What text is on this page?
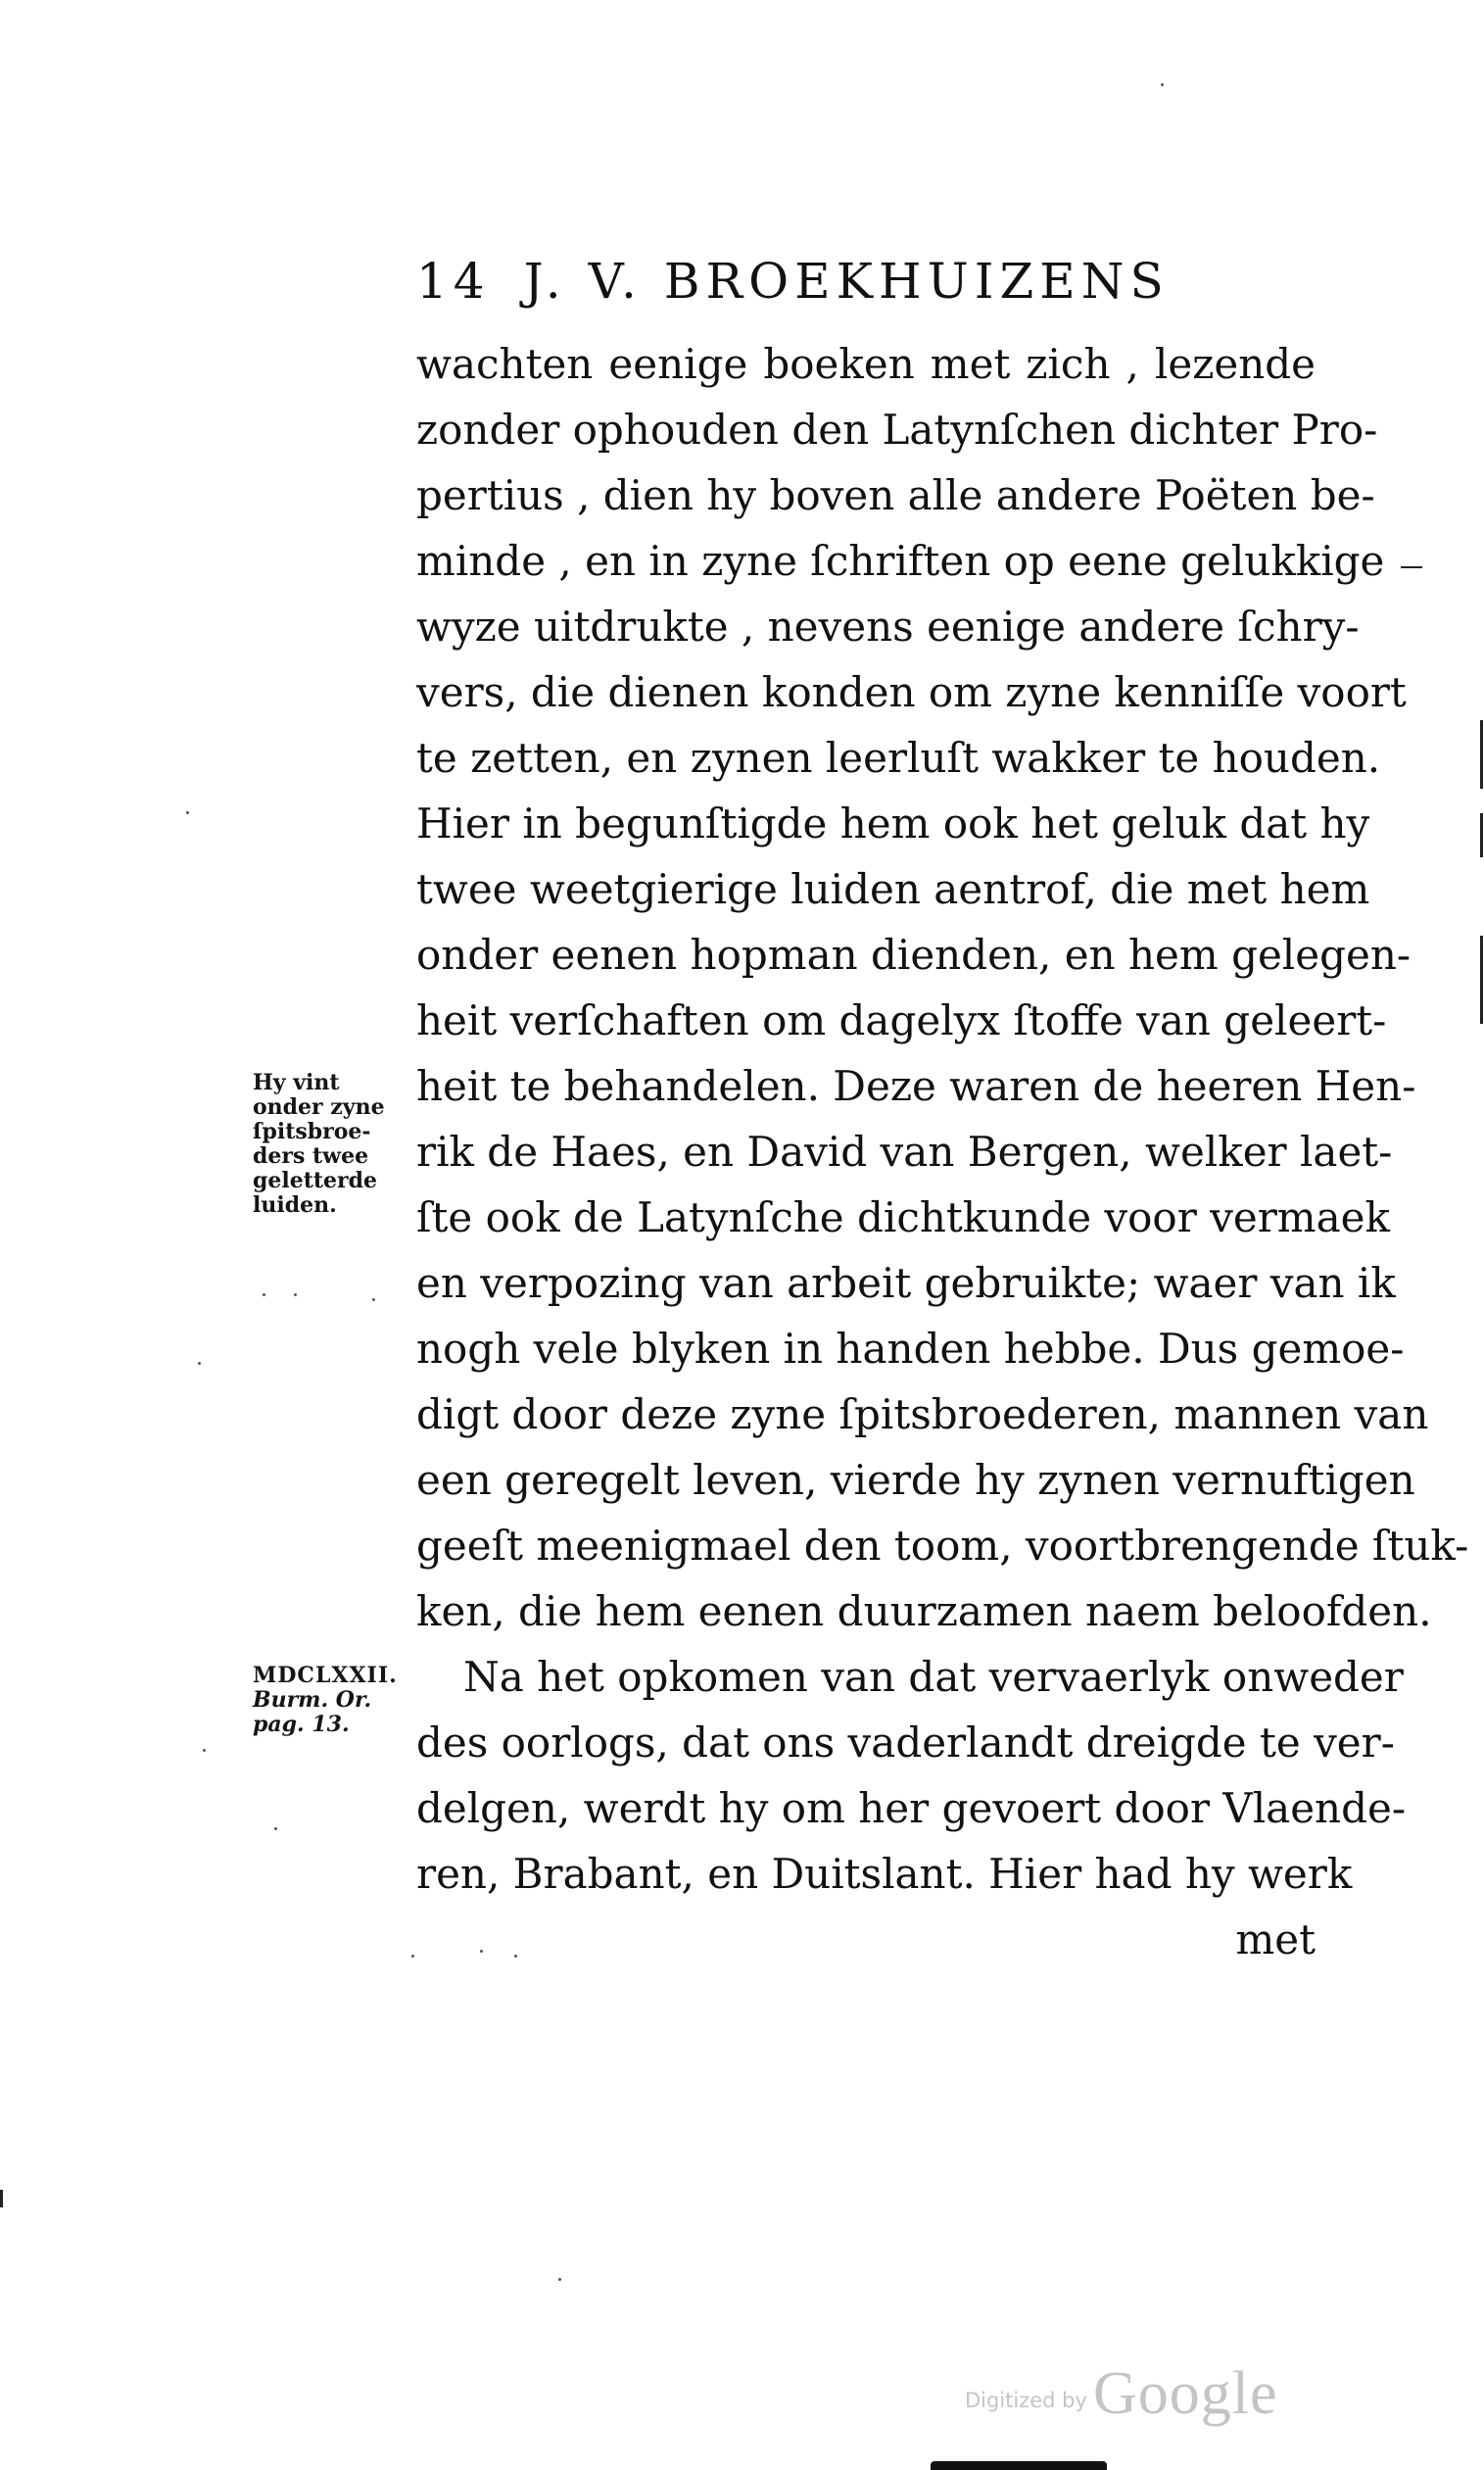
14 J. V. BROEKHUIZENS
wachten eenige boeken met zich , lezende
zonder ophouden den Latynſchen dichter Pro-
pertius , dien hy boven alle andere Poëten be-
minde , en in zyne ſchriften op eene gelukkige
wyze uitdrukte , nevens eenige andere ſchry-
vers, die dienen konden om zyne kenniſſe voort
te zetten, en zynen leerluſt wakker te houden.
Hier in begunſtigde hem ook het geluk dat hy
twee weetgierige luiden aentrof, die met hem
onder eenen hopman dienden, en hem gelegen-
heit verſchaften om dagelyx ſtoffe van geleert-
heit te behandelen. Deze waren de heeren Hen-
rik de Haes, en David van Bergen, welker laet-
ſte ook de Latynſche dichtkunde voor vermaek
en verpozing van arbeit gebruikte; waer van ik
nogh vele blyken in handen hebbe. Dus gemoe-
digt door deze zyne ſpitsbroederen, mannen van
een geregelt leven, vierde hy zynen vernuftigen
geeſt meenigmael den toom, voortbrengende ſtuk-
ken, die hem eenen duurzamen naem beloofden.
Na het opkomen van dat vervaerlyk onweder
des oorlogs, dat ons vaderlandt dreigde te ver-
delgen, werdt hy om her gevoert door Vlaende-
ren, Brabant, en Duitslant. Hier had hy werk
met
Hy vint
onder zyne
ſpitsbroe-
ders twee
geletterde
luiden.
MDCLXXII.
Burm. Or.
pag. 13.
Digitized byGoogle
